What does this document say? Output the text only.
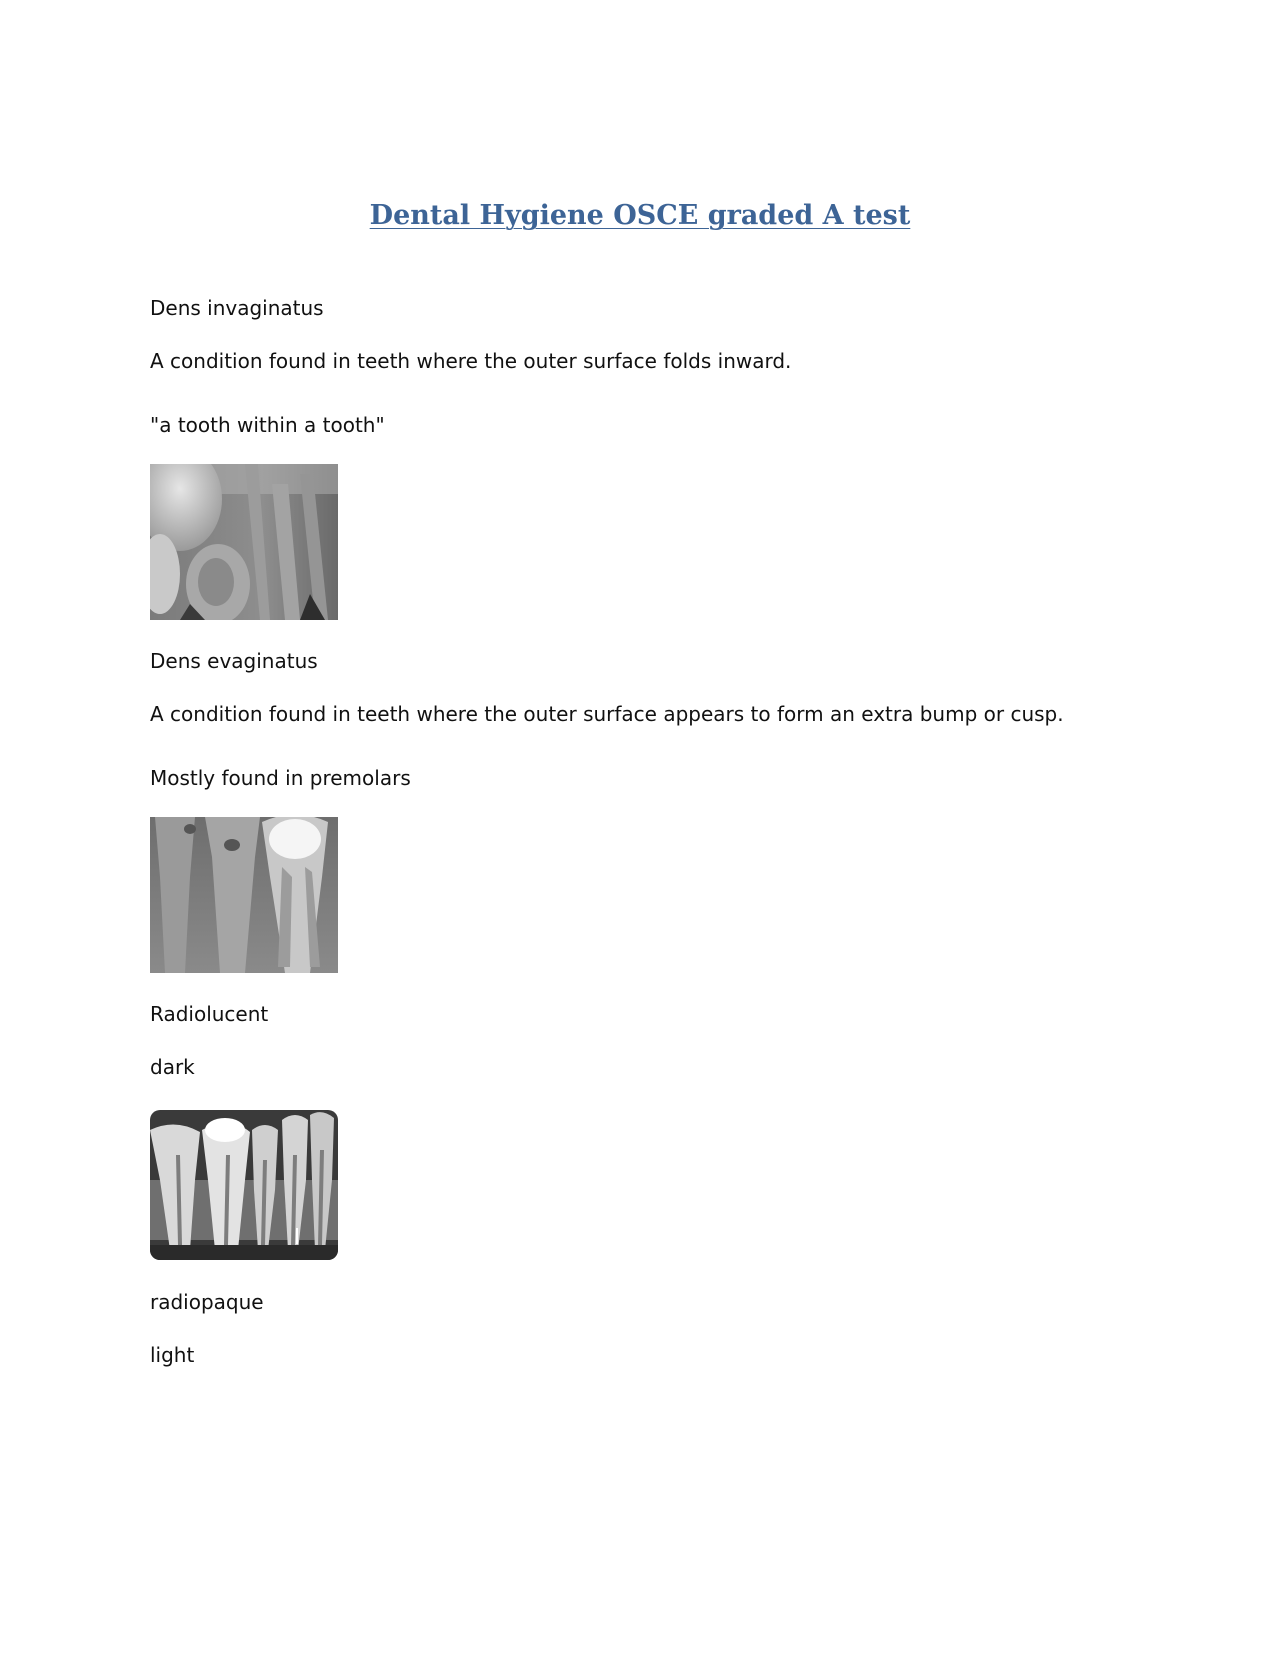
Dental Hygiene OSCE graded A test
Dens invaginatus
A condition found in teeth where the outer surface folds inward.
"a tooth within a tooth"
Dens evaginatus
A condition found in teeth where the outer surface appears to form an extra bump or cusp.
Mostly found in premolars
Radiolucent
dark
radiopaque
light
